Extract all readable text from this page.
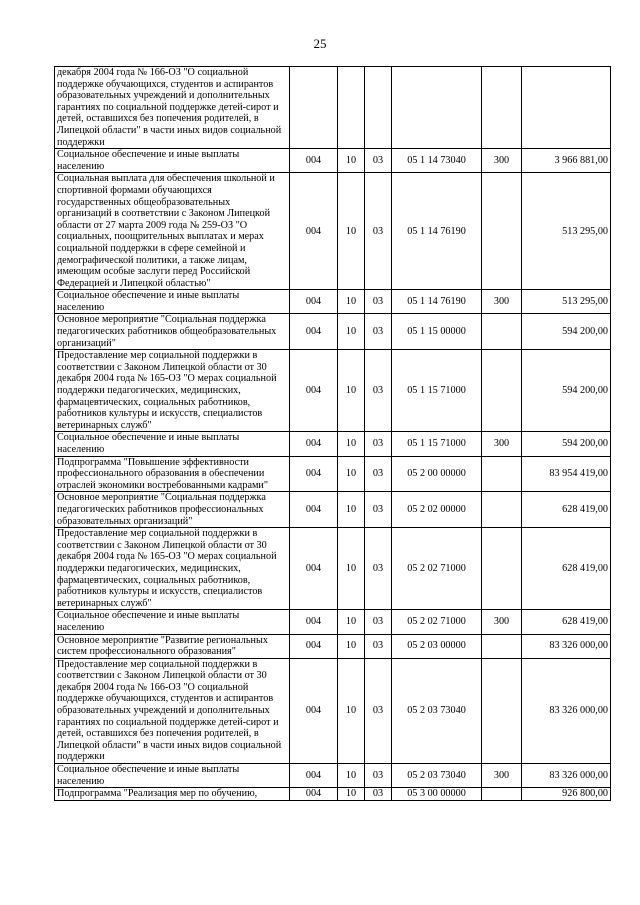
25
декабря 2004 года № 166-ОЗ "О социальной поддержке обучающихся, студентов и аспирантов образовательных учреждений и дополнительных гарантиях по социальной поддержке детей-сирот и детей, оставшихся без попечения родителей, в Липецкой области" в части иных видов социальной поддержки						
Социальное обеспечение и иные выплаты населению	004	10	03	05 1 14 73040	300	3 966 881,00
Социальная выплата для обеспечения школьной и спортивной формами обучающихся государственных общеобразовательных организаций в соответствии с Законом Липецкой области от 27 марта 2009 года № 259-ОЗ "О социальных, поощрительных выплатах и мерах социальной поддержки в сфере семейной и демографической политики, а также лицам, имеющим особые заслуги перед Российской Федерацией и Липецкой областью"	004	10	03	05 1 14 76190		513 295,00
Социальное обеспечение и иные выплаты населению	004	10	03	05 1 14 76190	300	513 295,00
Основное мероприятие "Социальная поддержка педагогических работников общеобразовательных организаций"	004	10	03	05 1 15 00000		594 200,00
Предоставление мер социальной поддержки в соответствии с Законом Липецкой области от 30 декабря 2004 года № 165-ОЗ "О мерах социальной поддержки педагогических, медицинских, фармацевтических, социальных работников, работников культуры и искусств, специалистов ветеринарных служб"	004	10	03	05 1 15 71000		594 200,00
Социальное обеспечение и иные выплаты населению	004	10	03	05 1 15 71000	300	594 200,00
Подпрограмма "Повышение эффективности профессионального образования в обеспечении отраслей экономики востребованными кадрами"	004	10	03	05 2 00 00000		83 954 419,00
Основное мероприятие "Социальная поддержка педагогических работников профессиональных образовательных организаций"	004	10	03	05 2 02 00000		628 419,00
Предоставление мер социальной поддержки в соответствии с Законом Липецкой области от 30 декабря 2004 года № 165-ОЗ "О мерах социальной поддержки педагогических, медицинских, фармацевтических, социальных работников, работников культуры и искусств, специалистов ветеринарных служб"	004	10	03	05 2 02 71000		628 419,00
Социальное обеспечение и иные выплаты населению	004	10	03	05 2 02 71000	300	628 419,00
Основное мероприятие "Развитие региональных систем профессионального образования"	004	10	03	05 2 03 00000		83 326 000,00
Предоставление мер социальной поддержки в соответствии с Законом Липецкой области от 30 декабря 2004 года № 166-ОЗ "О социальной поддержке обучающихся, студентов и аспирантов образовательных учреждений и дополнительных гарантиях по социальной поддержке детей-сирот и детей, оставшихся без попечения родителей, в Липецкой области" в части иных видов социальной поддержки	004	10	03	05 2 03 73040		83 326 000,00
Социальное обеспечение и иные выплаты населению	004	10	03	05 2 03 73040	300	83 326 000,00
Подпрограмма "Реализация мер по обучению,	004	10	03	05 3 00 00000		926 800,00
